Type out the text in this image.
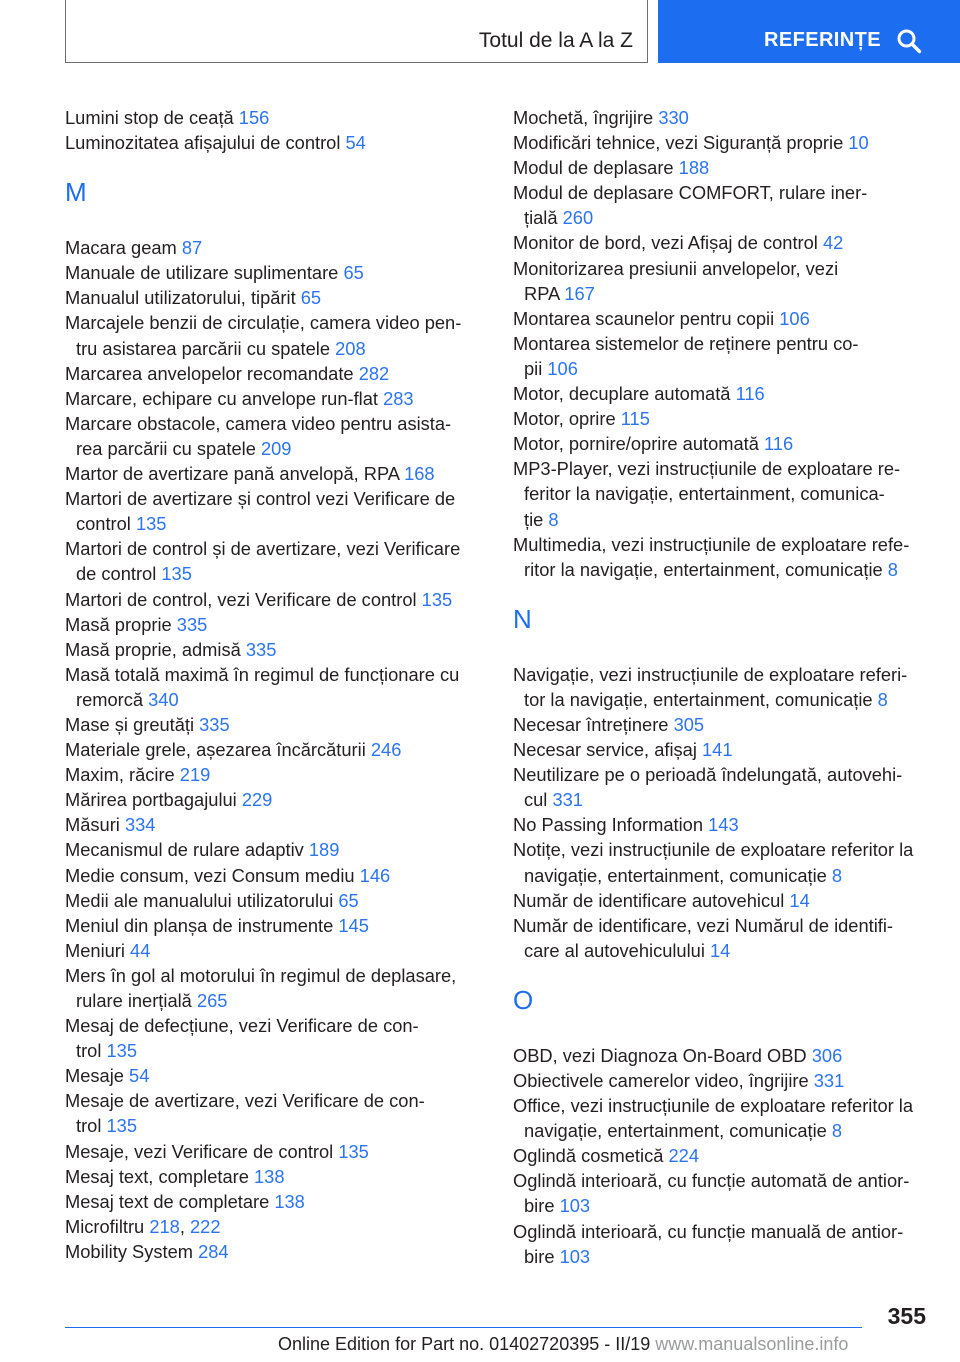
Totul de la A la Z	REFERINȚE
Lumini stop de ceață 156
Luminozitatea afișajului de control 54
M
Macara geam 87
Manuale de utilizare suplimentare 65
Manualul utilizatorului, tipărit 65
Marcajele benzii de circulație, camera video pen‐
tru asistarea parcării cu spatele 208
Marcarea anvelopelor recomandate 282
Marcare, echipare cu anvelope run-flat 283
Marcare obstacole, camera video pentru asista‐
rea parcării cu spatele 209
Martor de avertizare pană anvelopă, RPA 168
Martori de avertizare și control vezi Verificare de
control 135
Martori de control și de avertizare, vezi Verificare
de control 135
Martori de control, vezi Verificare de control 135
Masă proprie 335
Masă proprie, admisă 335
Masă totală maximă în regimul de funcționare cu
remorcă 340
Mase și greutăți 335
Materiale grele, așezarea încărcăturii 246
Maxim, răcire 219
Mărirea portbagajului 229
Măsuri 334
Mecanismul de rulare adaptiv 189
Medie consum, vezi Consum mediu 146
Medii ale manualului utilizatorului 65
Meniul din planșa de instrumente 145
Meniuri 44
Mers în gol al motorului în regimul de deplasare,
rulare inerțială 265
Mesaj de defecțiune, vezi Verificare de con‐
trol 135
Mesaje 54
Mesaje de avertizare, vezi Verificare de con‐
trol 135
Mesaje, vezi Verificare de control 135
Mesaj text, completare 138
Mesaj text de completare 138
Microfiltru 218, 222
Mobility System 284
Mochetă, îngrijire 330
Modificări tehnice, vezi Siguranță proprie 10
Modul de deplasare 188
Modul de deplasare COMFORT, rulare iner‐
țială 260
Monitor de bord, vezi Afișaj de control 42
Monitorizarea presiunii anvelopelor, vezi
RPA 167
Montarea scaunelor pentru copii 106
Montarea sistemelor de reținere pentru co‐
pii 106
Motor, decuplare automată 116
Motor, oprire 115
Motor, pornire/oprire automată 116
MP3-Player, vezi instrucțiunile de exploatare re‐
feritor la navigație, entertainment, comunica‐
ție 8
Multimedia, vezi instrucțiunile de exploatare refe‐
ritor la navigație, entertainment, comunicație 8
N
Navigație, vezi instrucțiunile de exploatare referi‐
tor la navigație, entertainment, comunicație 8
Necesar întreținere 305
Necesar service, afișaj 141
Neutilizare pe o perioadă îndelungată, autovehi‐
cul 331
No Passing Information 143
Notițe, vezi instrucțiunile de exploatare referitor la
navigație, entertainment, comunicație 8
Număr de identificare autovehicul 14
Număr de identificare, vezi Numărul de identifi‐
care al autovehiculului 14
O
OBD, vezi Diagnoza On-Board OBD 306
Obiectivele camerelor video, îngrijire 331
Office, vezi instrucțiunile de exploatare referitor la
navigație, entertainment, comunicație 8
Oglindă cosmetică 224
Oglindă interioară, cu funcție automată de antior‐
bire 103
Oglindă interioară, cu funcție manuală de antior‐
bire 103
355
Online Edition for Part no. 01402720395 - II/19 www.manualsonline.info
